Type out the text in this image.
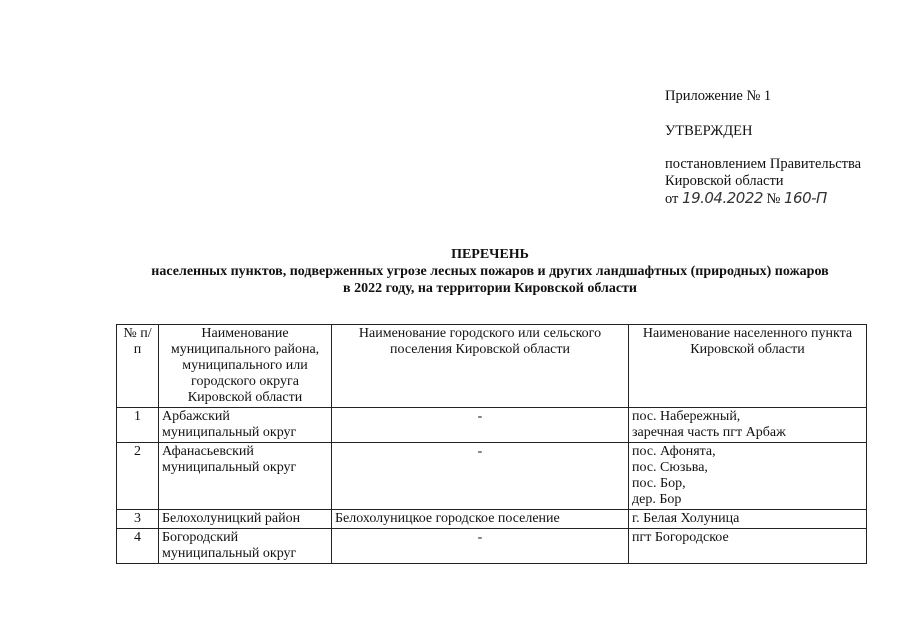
Приложение № 1
УТВЕРЖДЕН
постановлением Правительства
Кировской области
от 19.04.2022 № 160-П
ПЕРЕЧЕНЬ
населенных пунктов, подверженных угрозе лесных пожаров и других ландшафтных (природных) пожаров
в 2022 году, на территории Кировской области
№ п/п	Наименование муниципального района, муниципального или городского округа Кировской области	Наименование городского или сельского поселения Кировской области	Наименование населенного пункта Кировской области
1	Арбажский муниципальный округ	-	пос. Набережный,
заречная часть пгт Арбаж

2	Афанасьевский муниципальный округ	-	пос. Афонята,
пос. Сюзьва,
пос. Бор,
дер. Бор

3	Белохолуницкий район	Белохолуницкое городское поселение	г. Белая Холуница

4	Богородский муниципальный округ	-	пгт Богородское
